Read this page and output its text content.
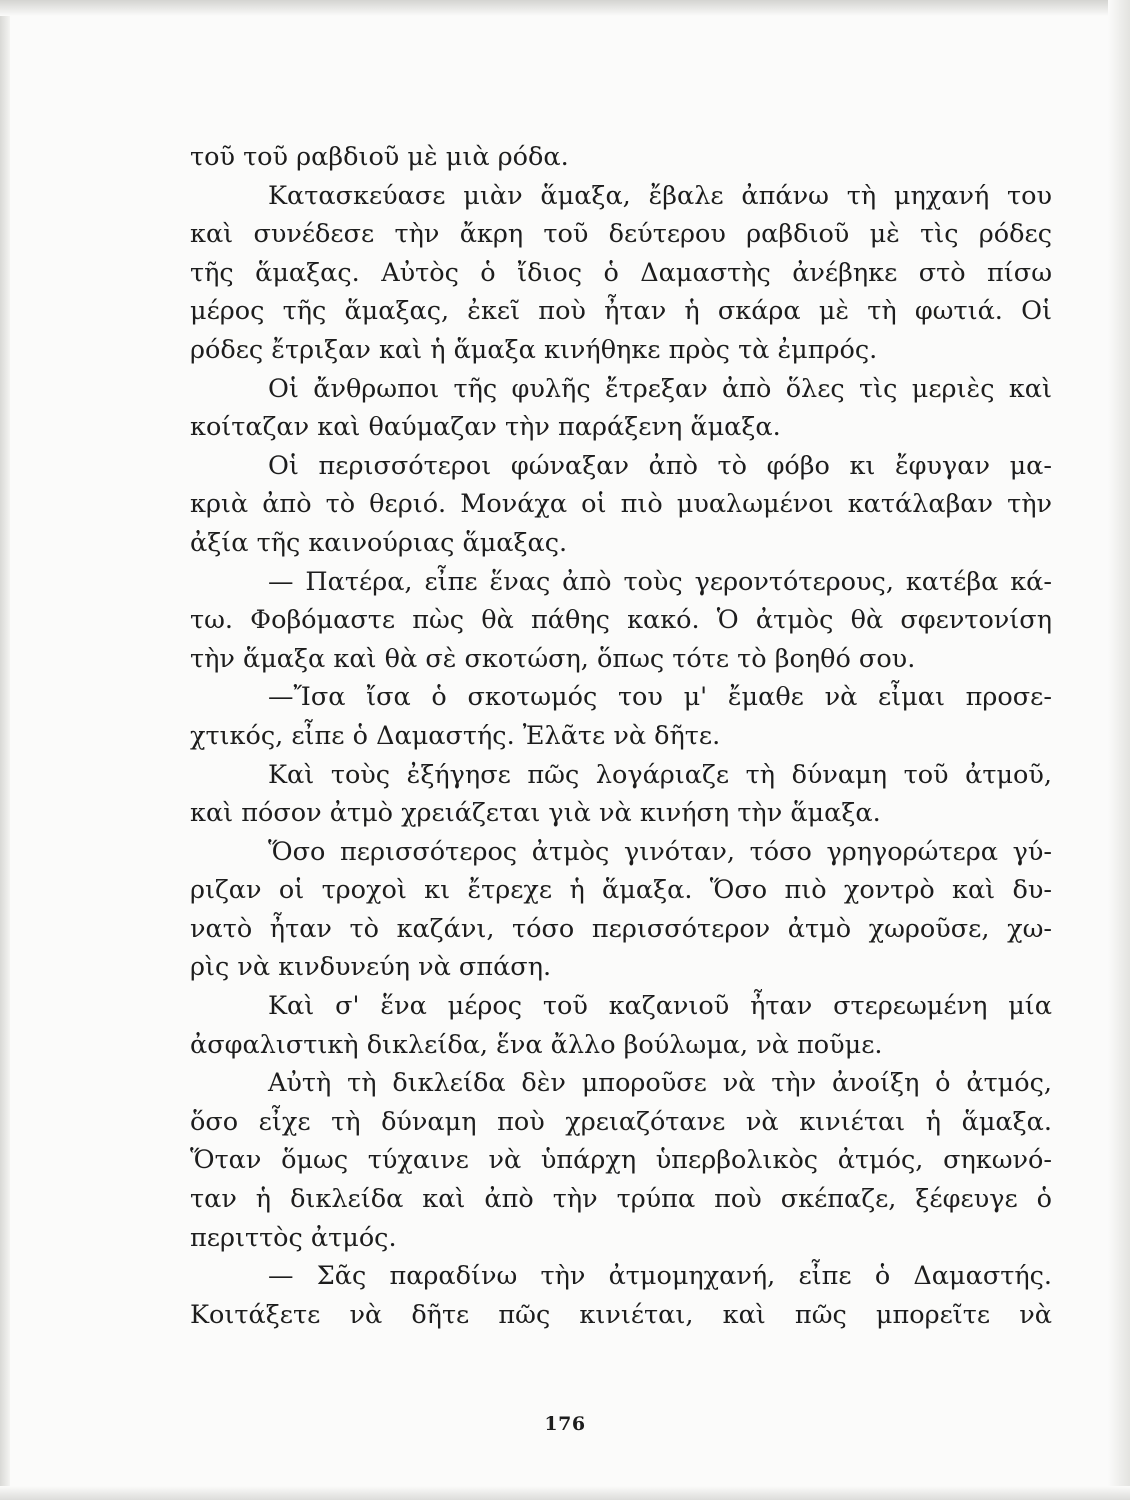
τοῦ τοῦ ραβδιοῦ μὲ μιὰ ρόδα.
Κατασκεύασε μιὰν ἅμαξα, ἔβαλε ἀπάνω τὴ μηχανή του
καὶ συνέδεσε τὴν ἄκρη τοῦ δεύτερου ραβδιοῦ μὲ τὶς ρόδες
τῆς ἅμαξας. Αὐτὸς ὁ ἴδιος ὁ Δαμαστὴς ἀνέβηκε στὸ πίσω
μέρος τῆς ἅμαξας, ἐκεῖ ποὺ ἦταν ἡ σκάρα μὲ τὴ φωτιά. Οἱ
ρόδες ἔτριξαν καὶ ἡ ἅμαξα κινήθηκε πρὸς τὰ ἐμπρός.
Οἱ ἄνθρωποι τῆς φυλῆς ἔτρεξαν ἀπὸ ὅλες τὶς μεριὲς καὶ
κοίταζαν καὶ θαύμαζαν τὴν παράξενη ἅμαξα.
Οἱ περισσότεροι φώναξαν ἀπὸ τὸ φόβο κι ἔφυγαν μα-
κριὰ ἀπὸ τὸ θεριό. Μονάχα οἱ πιὸ μυαλωμένοι κατάλαβαν τὴν
ἀξία τῆς καινούριας ἅμαξας.
— Πατέρα, εἶπε ἕνας ἀπὸ τοὺς γεροντότερους, κατέβα κά-
τω. Φοβόμαστε πὼς θὰ πάθης κακό. Ὁ ἀτμὸς θὰ σφεντονίση
τὴν ἅμαξα καὶ θὰ σὲ σκοτώση, ὅπως τότε τὸ βοηθό σου.
—Ἴσα ἴσα ὁ σκοτωμός του μ' ἔμαθε νὰ εἶμαι προσε-
χτικός, εἶπε ὁ Δαμαστής. Ἐλᾶτε νὰ δῆτε.
Καὶ τοὺς ἐξήγησε πῶς λογάριαζε τὴ δύναμη τοῦ ἀτμοῦ,
καὶ πόσον ἀτμὸ χρειάζεται γιὰ νὰ κινήση τὴν ἅμαξα.
Ὅσο περισσότερος ἀτμὸς γινόταν, τόσο γρηγορώτερα γύ-
ριζαν οἱ τροχοὶ κι ἔτρεχε ἡ ἅμαξα. Ὅσο πιὸ χοντρὸ καὶ δυ-
νατὸ ἦταν τὸ καζάνι, τόσο περισσότερον ἀτμὸ χωροῦσε, χω-
ρὶς νὰ κινδυνεύη νὰ σπάση.
Καὶ σ' ἕνα μέρος τοῦ καζανιοῦ ἦταν στερεωμένη μία
ἀσφαλιστικὴ δικλείδα, ἕνα ἄλλο βούλωμα, νὰ ποῦμε.
Αὐτὴ τὴ δικλείδα δὲν μποροῦσε νὰ τὴν ἀνοίξη ὁ ἀτμός,
ὅσο εἶχε τὴ δύναμη ποὺ χρειαζότανε νὰ κινιέται ἡ ἅμαξα.
Ὅταν ὅμως τύχαινε νὰ ὑπάρχη ὑπερβολικὸς ἀτμός, σηκωνό-
ταν ἡ δικλείδα καὶ ἀπὸ τὴν τρύπα ποὺ σκέπαζε, ξέφευγε ὁ
περιττὸς ἀτμός.
— Σᾶς παραδίνω τὴν ἀτμομηχανή, εἶπε ὁ Δαμαστής.
Κοιτάξετε νὰ δῆτε πῶς κινιέται, καὶ πῶς μπορεῖτε νὰ
176
